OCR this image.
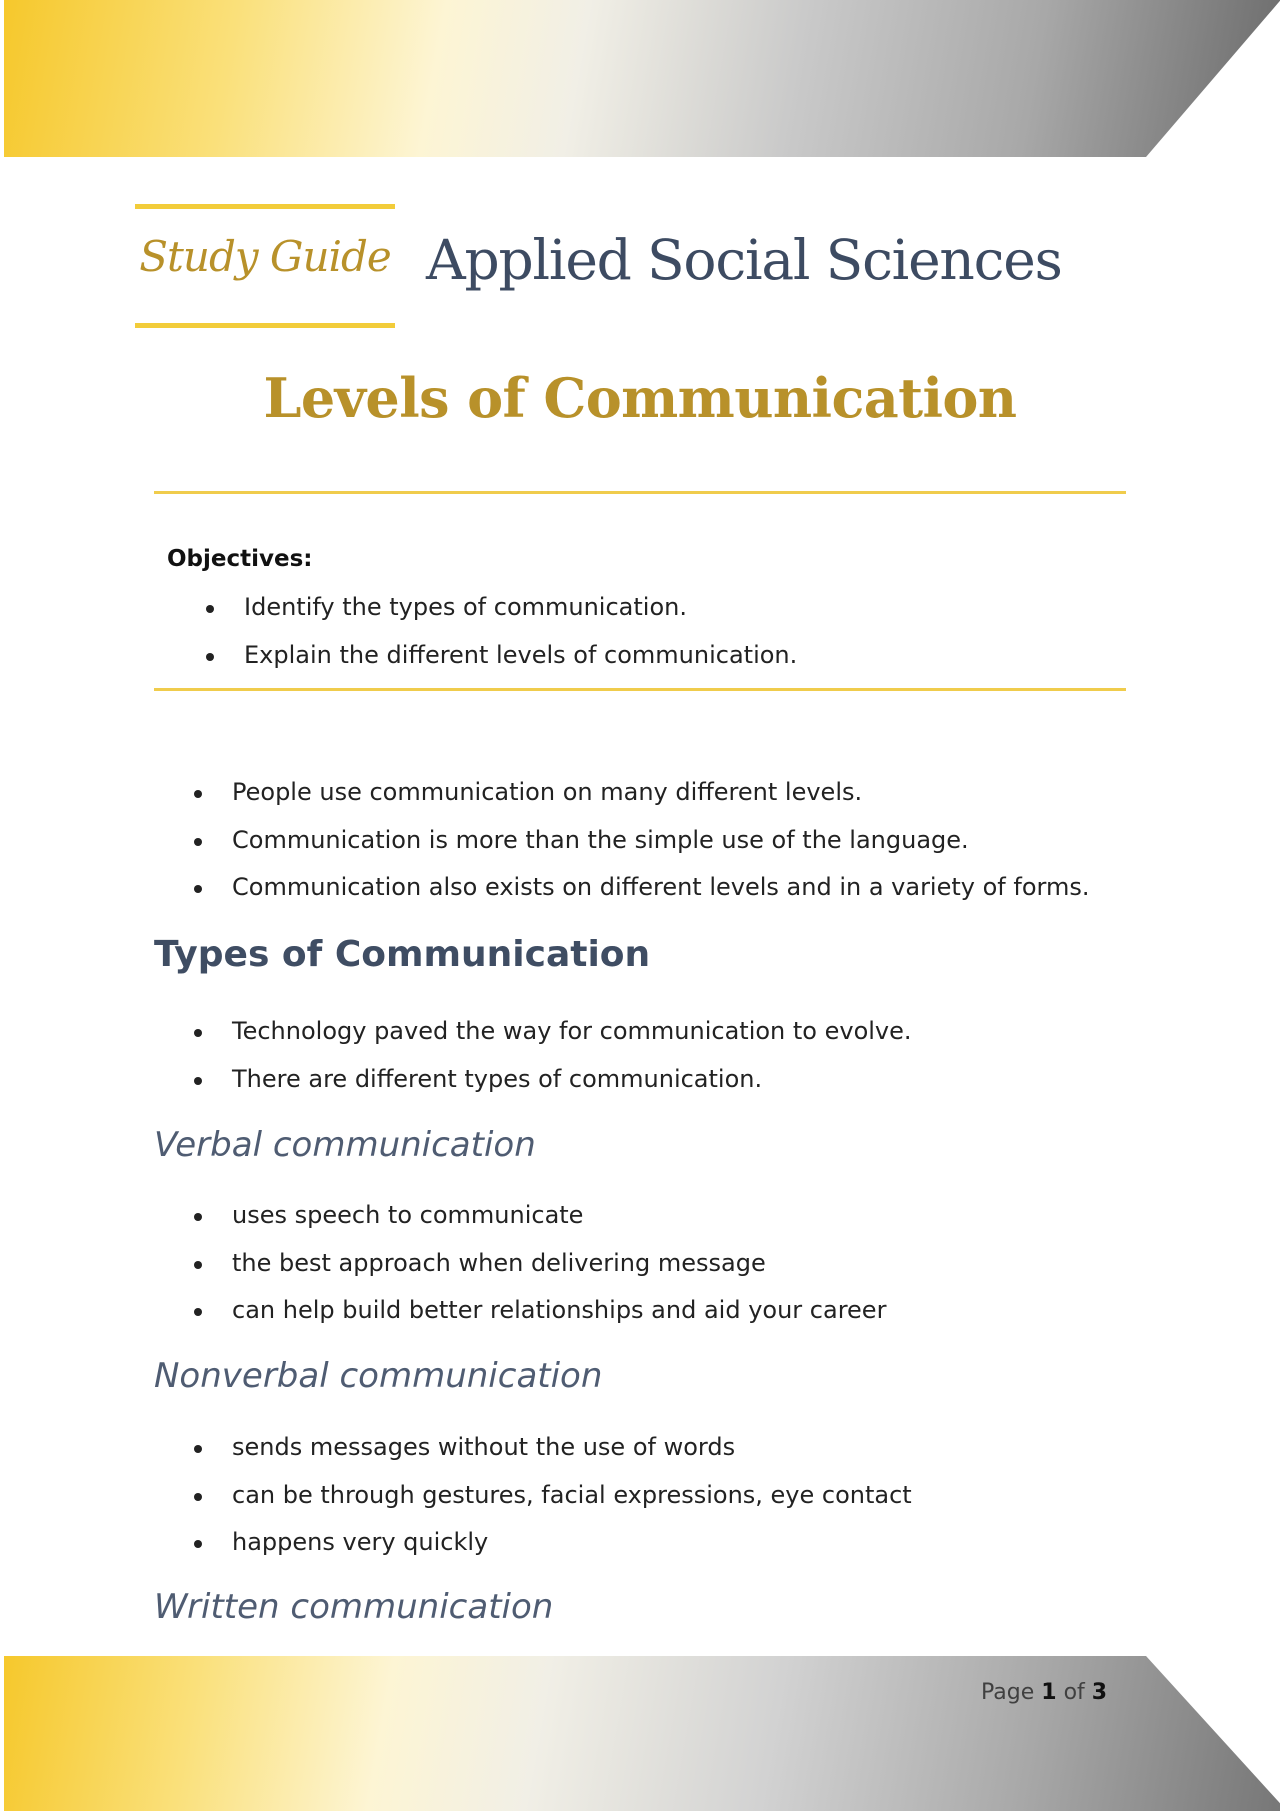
Study Guide Applied Social Sciences
Levels of Communication
Objectives:
Identify the types of communication.
Explain the different levels of communication.
People use communication on many different levels.
Communication is more than the simple use of the language.
Communication also exists on different levels and in a variety of forms.
Types of Communication
Technology paved the way for communication to evolve.
There are different types of communication.
Verbal communication
uses speech to communicate
the best approach when delivering message
can help build better relationships and aid your career
Nonverbal communication
sends messages without the use of words
can be through gestures, facial expressions, eye contact
happens very quickly
Written communication
Page 1 of 3
